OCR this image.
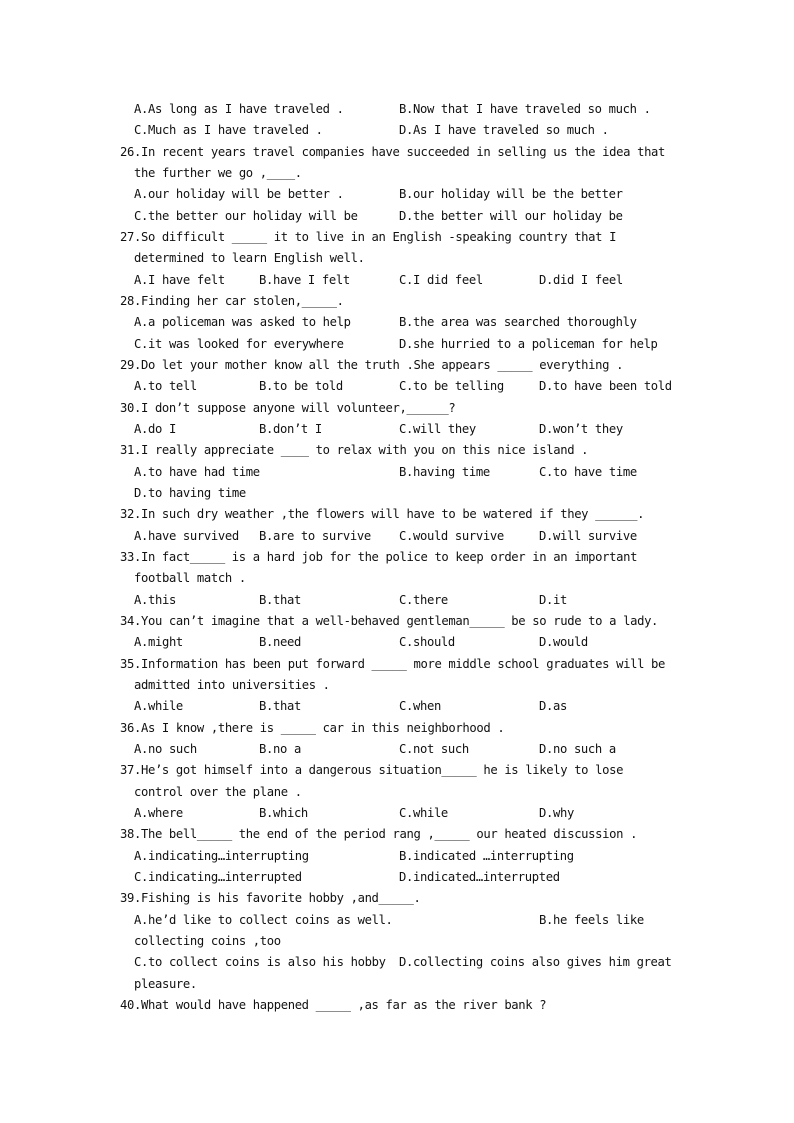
A.As long as I have traveled .	B.Now that I have traveled so much .
C.Much as I have traveled .	D.As I have traveled so much .
26.In recent years travel companies have succeeded in selling us the idea that
the further we go ,____.
A.our holiday will be better .	B.our holiday will be the better
C.the better our holiday will be	D.the better will our holiday be
27.So difficult _____ it to live in an English -speaking country that I
determined to learn English well.
A.I have felt	B.have I felt	C.I did feel	D.did I feel
28.Finding her car stolen,_____.
A.a policeman was asked to help	B.the area was searched thoroughly
C.it was looked for everywhere	D.she hurried to a policeman for help
29.Do let your mother know all the truth .She appears _____ everything .
A.to tell	B.to be told	C.to be telling	D.to have been told
30.I don’t suppose anyone will volunteer,______?
A.do I	B.don’t I	C.will they	D.won’t they
31.I really appreciate ____ to relax with you on this nice island .
A.to have had time	B.having time	C.to have time
D.to having time
32.In such dry weather ,the flowers will have to be watered if they ______.
A.have survived B.are to survive C.would survive	D.will survive
33.In fact_____ is a hard job for the police to keep order in an important
football match .
A.this	B.that	C.there	D.it
34.You can’t imagine that a well-behaved gentleman_____ be so rude to a lady.
A.might	B.need	C.should	D.would
35.Information has been put forward _____ more middle school graduates will be
admitted into universities .
A.while	B.that	C.when	D.as
36.As I know ,there is _____ car in this neighborhood .
A.no such	B.no a	C.not such	D.no such a
37.He’s got himself into a dangerous situation_____ he is likely to lose
control over the plane .
A.where	B.which	C.while	D.why
38.The bell_____ the end of the period rang ,_____ our heated discussion .
A.indicating…interrupting	B.indicated …interrupting
C.indicating…interrupted	D.indicated…interrupted
39.Fishing is his favorite hobby ,and_____.
A.he’d like to collect coins as well.	B.he feels like
collecting coins ,too
C.to collect coins is also his hobby D.collecting coins also gives him great
pleasure.
40.What would have happened _____ ,as far as the river bank ?
